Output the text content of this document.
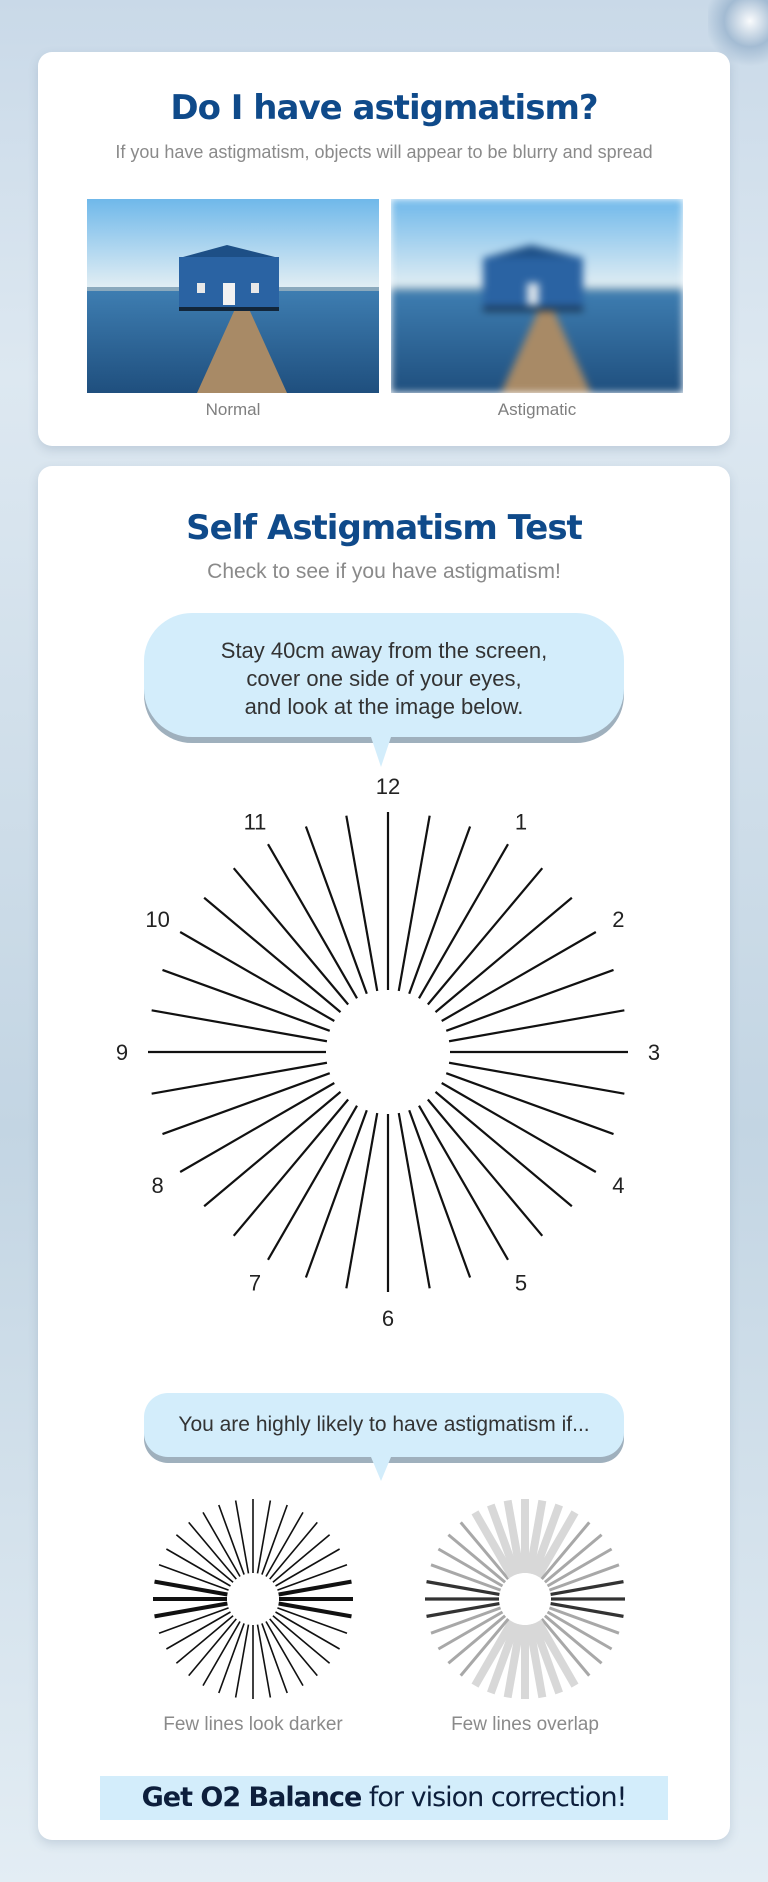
Do I have astigmatism?
If you have astigmatism, objects will appear to be blurry and spread
Normal	Astigmatic
Self Astigmatism Test
Check to see if you have astigmatism!
Stay 40cm away from the screen,
cover one side of your eyes,
and look at the image below.
12
1
2
3
4
5
6
7
8
9
10
11
You are highly likely to have astigmatism if...
Few lines look darker	Few lines overlap
Get O2 Balance for vision correction!
